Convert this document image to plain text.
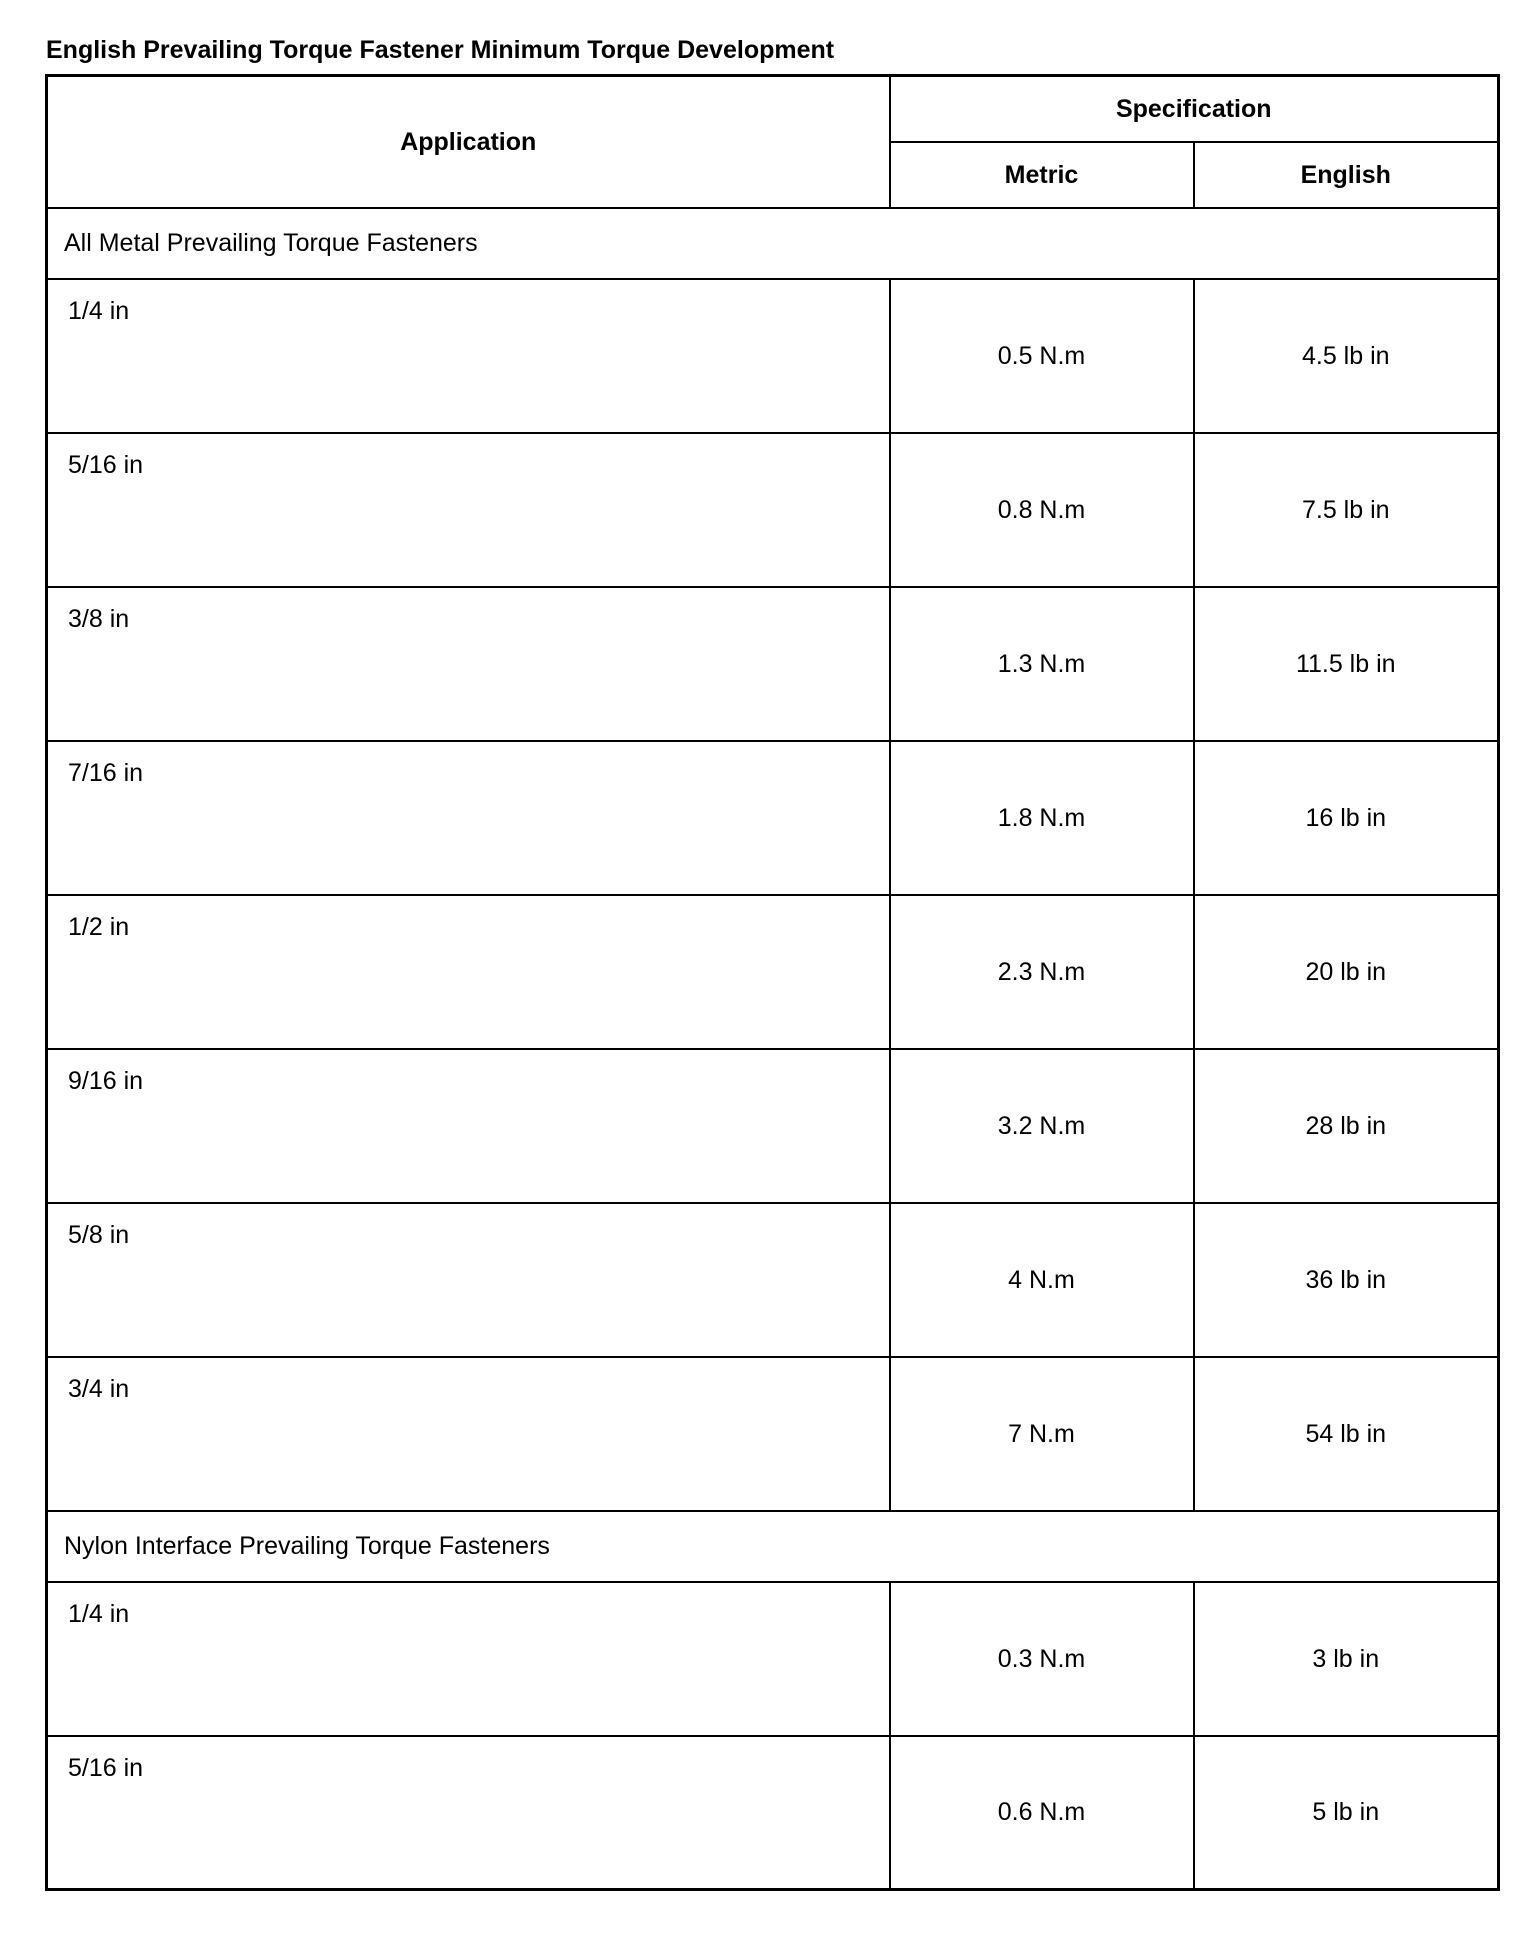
English Prevailing Torque Fastener Minimum Torque Development
Application	Specification	
	Metric	English
All Metal Prevailing Torque Fasteners		
1/4 in	0.5 N.m	4.5 lb in
5/16 in	0.8 N.m	7.5 lb in
3/8 in	1.3 N.m	11.5 lb in
7/16 in	1.8 N.m	16 lb in
1/2 in	2.3 N.m	20 lb in
9/16 in	3.2 N.m	28 lb in
5/8 in	4 N.m	36 lb in
3/4 in	7 N.m	54 lb in
Nylon Interface Prevailing Torque Fasteners		
1/4 in	0.3 N.m	3 lb in
5/16 in	0.6 N.m	5 lb in
